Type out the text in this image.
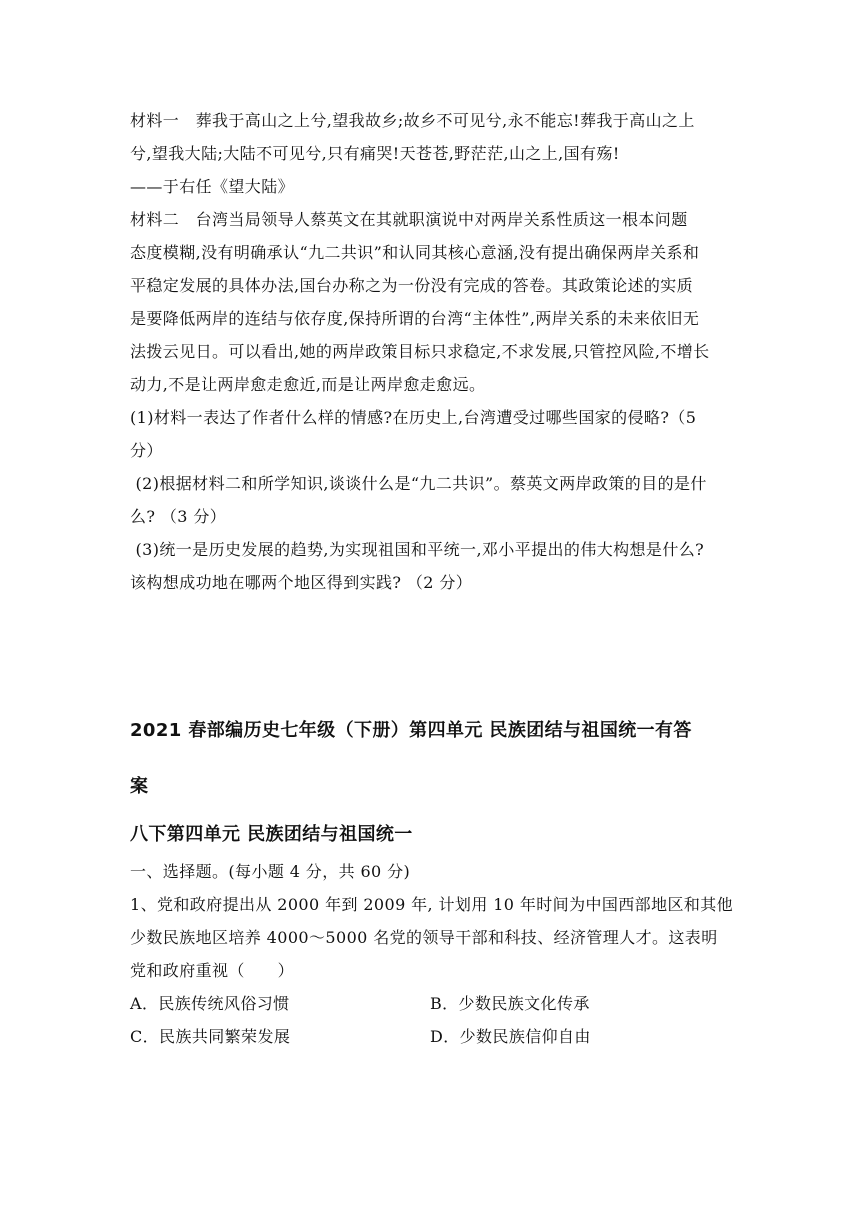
材料一　葬我于高山之上兮,望我故乡;故乡不可见兮,永不能忘!葬我于高山之上

兮,望我大陆;大陆不可见兮,只有痛哭!天苍苍,野茫茫,山之上,国有殇!

——于右任《望大陆》

材料二　台湾当局领导人蔡英文在其就职演说中对两岸关系性质这一根本问题

态度模糊,没有明确承认“九二共识”和认同其核心意涵,没有提出确保两岸关系和

平稳定发展的具体办法,国台办称之为一份没有完成的答卷。其政策论述的实质

是要降低两岸的连结与依存度,保持所谓的台湾“主体性”,两岸关系的未来依旧无

法拨云见日。可以看出,她的两岸政策目标只求稳定,不求发展,只管控风险,不增长

动力,不是让两岸愈走愈近,而是让两岸愈走愈远。

(1)材料一表达了作者什么样的情感?在历史上,台湾遭受过哪些国家的侵略?（5

分）

(2)根据材料二和所学知识,谈谈什么是“九二共识”。蔡英文两岸政策的目的是什

么? （3 分）

(3)统一是历史发展的趋势,为实现祖国和平统一,邓小平提出的伟大构想是什么?

该构想成功地在哪两个地区得到实践? （2 分）

2021 春部编历史七年级（下册）第四单元 民族团结与祖国统一有答
案
八下第四单元 民族团结与祖国统一

一、选择题。(每小题 4 分，共 60 分)

1、党和政府提出从 2000 年到 2009 年, 计划用 10 年时间为中国西部地区和其他

少数民族地区培养 4000～5000 名党的领导干部和科技、经济管理人才。这表明

党和政府重视（　　）

A．民族传统风俗习惯	B．少数民族文化传承
C．民族共同繁荣发展	D．少数民族信仰自由
